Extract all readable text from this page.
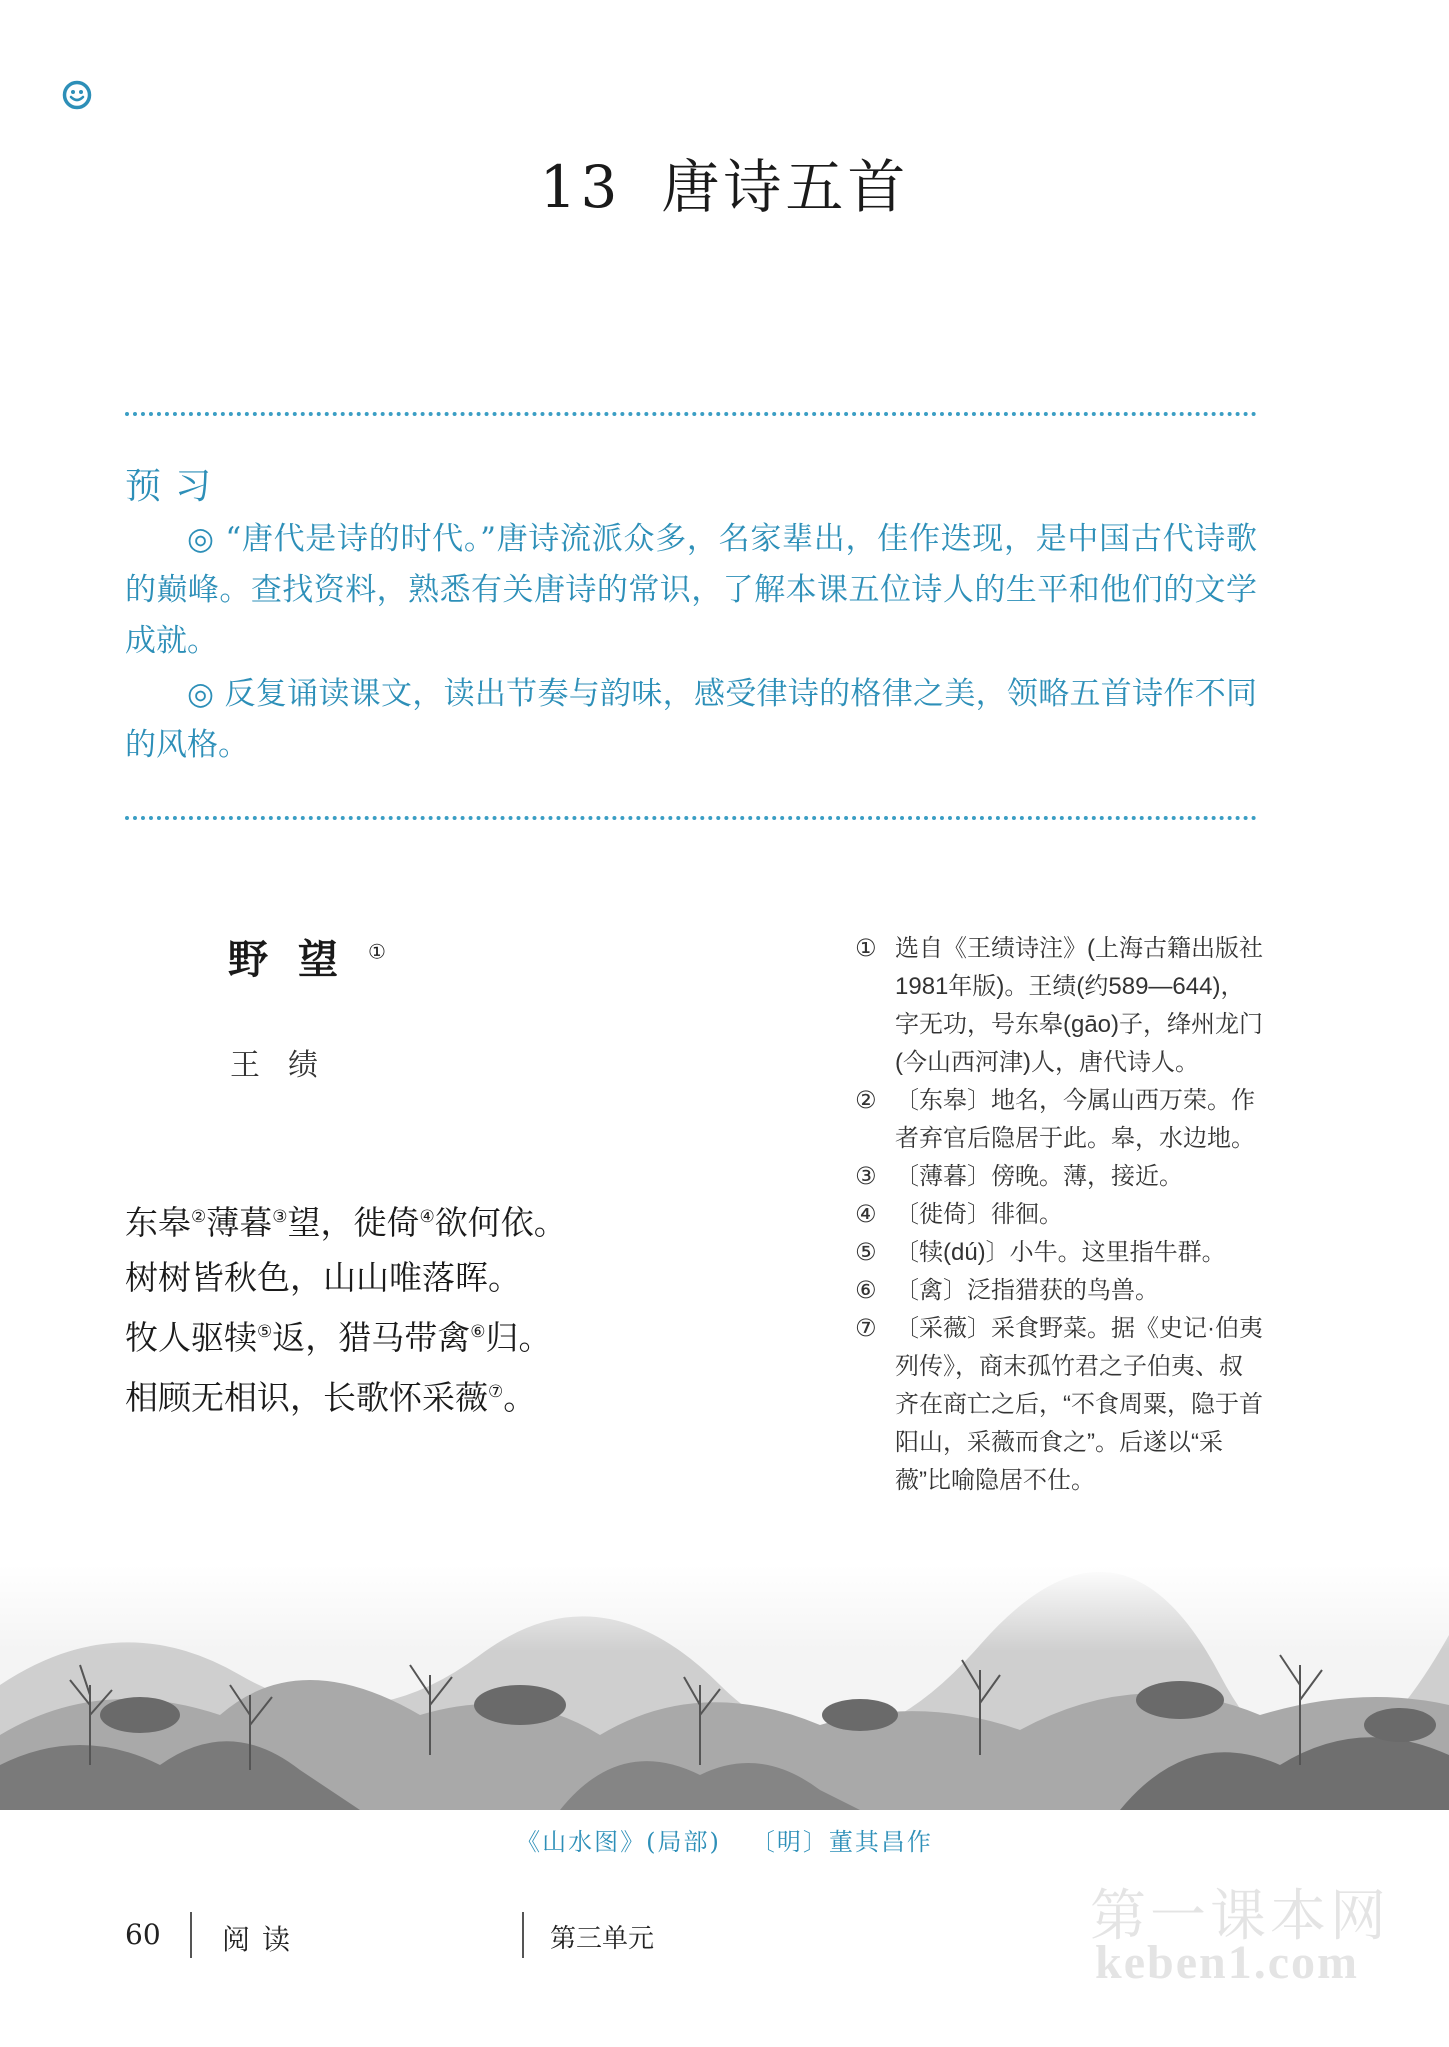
13 唐诗五首
预习
◎ “唐代是诗的时代。”唐诗流派众多，名家辈出，佳作迭现，是中国古代诗歌的巅峰。查找资料，熟悉有关唐诗的常识，了解本课五位诗人的生平和他们的文学成就。
◎ 反复诵读课文，读出节奏与韵味，感受律诗的格律之美，领略五首诗作不同的风格。
野望①
王绩
东皋②薄暮③望，徙倚④欲何依。
树树皆秋色，山山唯落晖。
牧人驱犊⑤返，猎马带禽⑥归。
相顾无相识，长歌怀采薇⑦。
① 选自《王绩诗注》(上海古籍出版社1981年版)。王绩(约589—644)，字无功，号东皋(gāo)子，绛州龙门(今山西河津)人，唐代诗人。
② 〔东皋〕地名，今属山西万荣。作者弃官后隐居于此。皋，水边地。
③ 〔薄暮〕傍晚。薄，接近。
④ 〔徙倚〕徘徊。
⑤ 〔犊(dú)〕小牛。这里指牛群。
⑥ 〔禽〕泛指猎获的鸟兽。
⑦ 〔采薇〕采食野菜。据《史记·伯夷列传》，商末孤竹君之子伯夷、叔齐在商亡之后，“不食周粟，隐于首阳山，采薇而食之”。后遂以“采薇”比喻隐居不仕。
《山水图》(局部) 〔明〕董其昌作
第一课本网
keben1.com
60 阅读	第三单元
